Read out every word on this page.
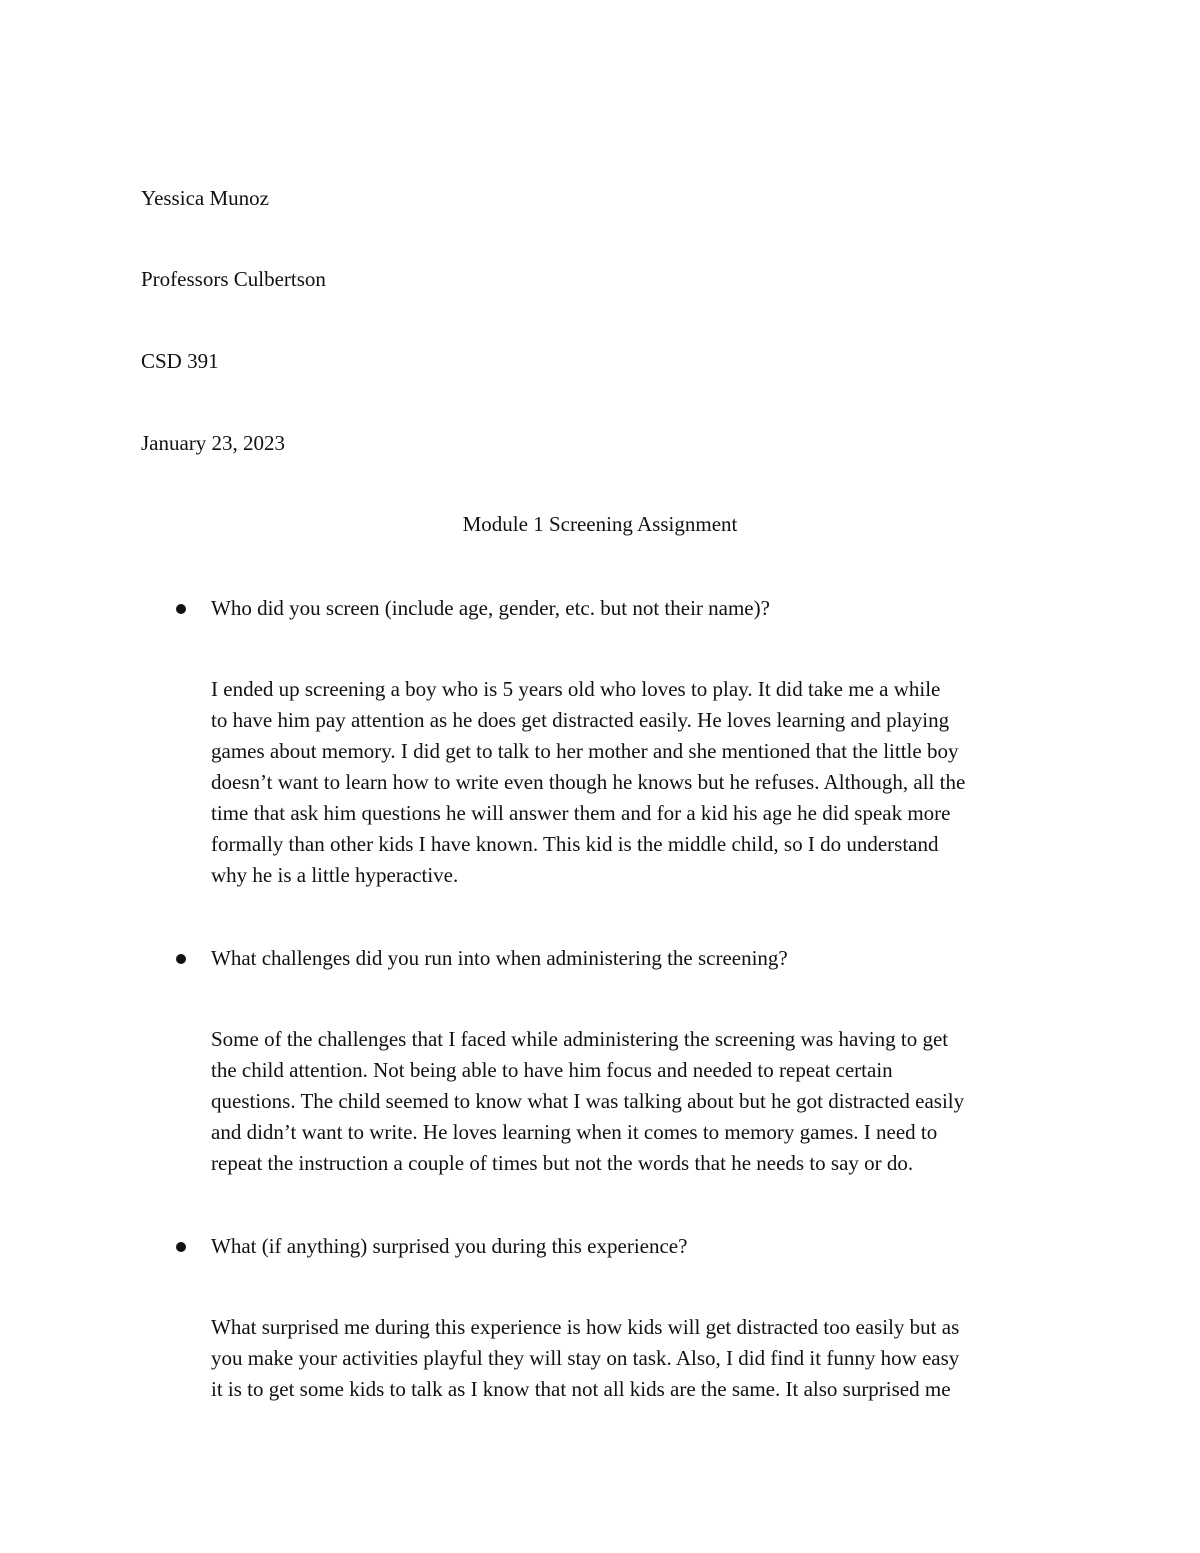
Yessica Munoz
Professors Culbertson
CSD 391
January 23, 2023
Module 1 Screening Assignment
Who did you screen (include age, gender, etc. but not their name)?
I ended up screening a boy who is 5 years old who loves to play. It did take me a while
to have him pay attention as he does get distracted easily. He loves learning and playing
games about memory. I did get to talk to her mother and she mentioned that the little boy
doesn’t want to learn how to write even though he knows but he refuses. Although, all the
time that ask him questions he will answer them and for a kid his age he did speak more
formally than other kids I have known. This kid is the middle child, so I do understand
why he is a little hyperactive.
What challenges did you run into when administering the screening?
Some of the challenges that I faced while administering the screening was having to get
the child attention. Not being able to have him focus and needed to repeat certain
questions. The child seemed to know what I was talking about but he got distracted easily
and didn’t want to write. He loves learning when it comes to memory games. I need to
repeat the instruction a couple of times but not the words that he needs to say or do.
What (if anything) surprised you during this experience?
What surprised me during this experience is how kids will get distracted too easily but as
you make your activities playful they will stay on task. Also, I did find it funny how easy
it is to get some kids to talk as I know that not all kids are the same. It also surprised me
